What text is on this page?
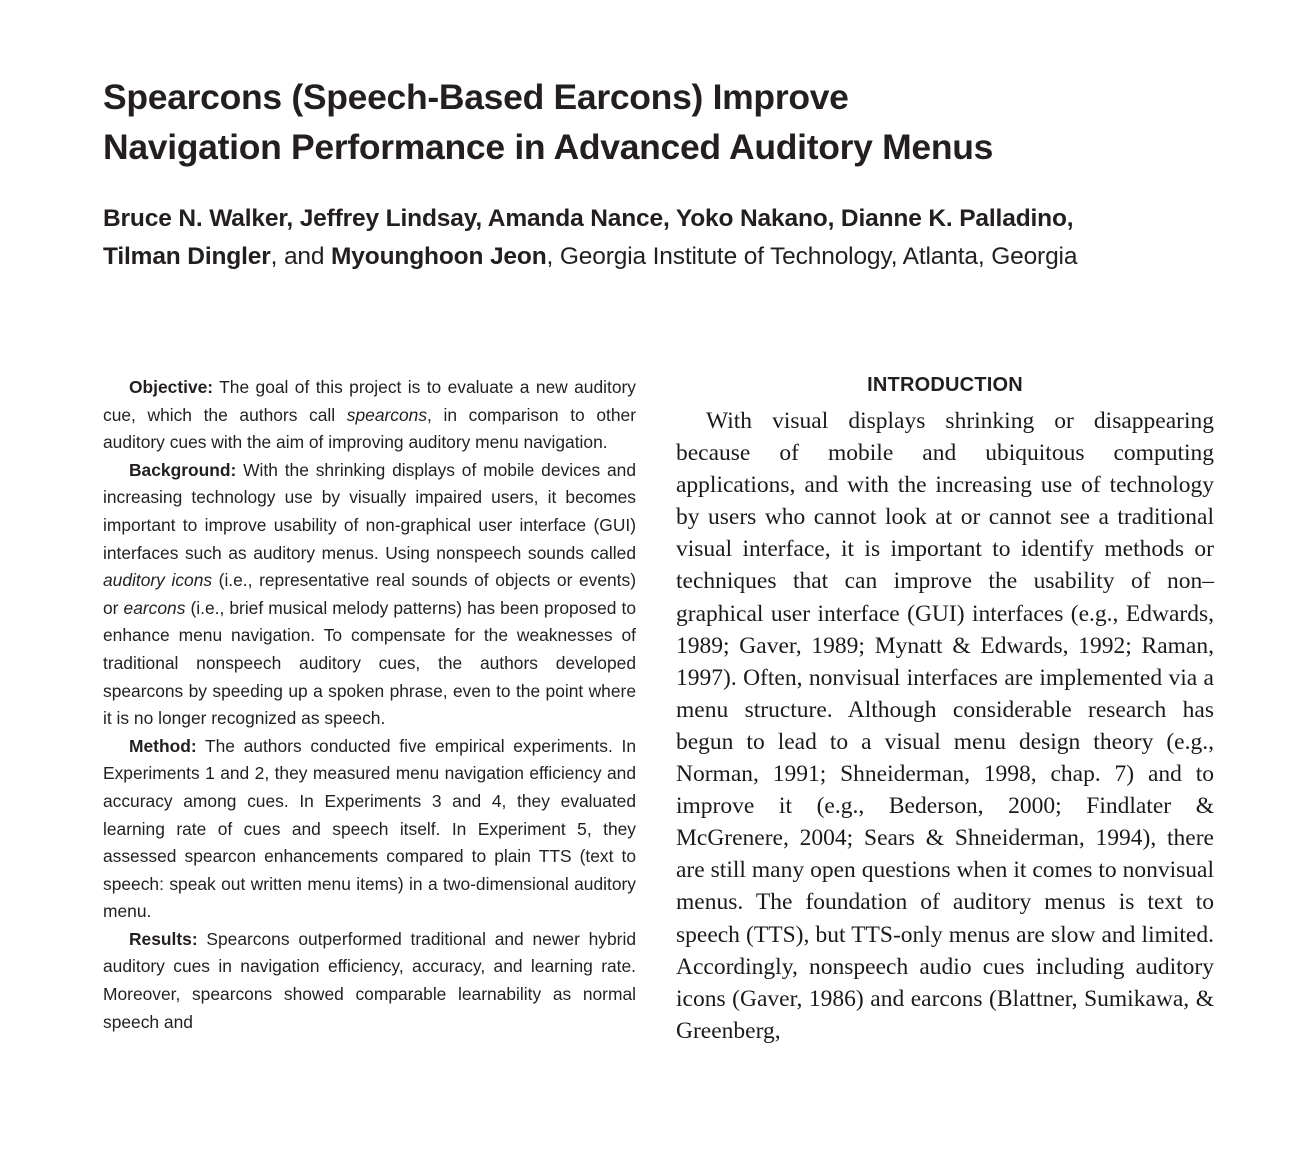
Spearcons (Speech-Based Earcons) Improve
Navigation Performance in Advanced Auditory Menus
Bruce N. Walker, Jeffrey Lindsay, Amanda Nance, Yoko Nakano, Dianne K. Palladino, Tilman Dingler, and Myounghoon Jeon, Georgia Institute of Technology, Atlanta, Georgia

Objective: The goal of this project is to evaluate a new auditory cue, which the authors call spearcons, in comparison to other auditory cues with the aim of improving auditory menu navigation.

Background: With the shrinking displays of mobile devices and increasing technology use by visually impaired users, it becomes important to improve usability of non-graphical user interface (GUI) interfaces such as auditory menus. Using nonspeech sounds called auditory icons (i.e., representative real sounds of objects or events) or earcons (i.e., brief musical melody patterns) has been proposed to enhance menu navigation. To compensate for the weaknesses of traditional nonspeech auditory cues, the authors developed spearcons by speeding up a spoken phrase, even to the point where it is no longer recognized as speech.

Method: The authors conducted five empirical experiments. In Experiments 1 and 2, they measured menu navigation efficiency and accuracy among cues. In Experiments 3 and 4, they evaluated learning rate of cues and speech itself. In Experiment 5, they assessed spearcon enhancements compared to plain TTS (text to speech: speak out written menu items) in a two-dimensional auditory menu.

Results: Spearcons outperformed traditional and newer hybrid auditory cues in navigation efficiency, accuracy, and learning rate. Moreover, spearcons showed comparable learnability as normal speech and

INTRODUCTION

With visual displays shrinking or disappearing because of mobile and ubiquitous computing applications, and with the increasing use of technology by users who cannot look at or cannot see a traditional visual interface, it is important to identify methods or techniques that can improve the usability of non–graphical user interface (GUI) interfaces (e.g., Edwards, 1989; Gaver, 1989; Mynatt & Edwards, 1992; Raman, 1997). Often, nonvisual interfaces are implemented via a menu structure. Although considerable research has begun to lead to a visual menu design theory (e.g., Norman, 1991; Shneiderman, 1998, chap. 7) and to improve it (e.g., Bederson, 2000; Findlater & McGrenere, 2004; Sears & Shneiderman, 1994), there are still many open questions when it comes to nonvisual menus. The foundation of auditory menus is text to speech (TTS), but TTS-only menus are slow and limited. Accordingly, nonspeech audio cues including auditory icons (Gaver, 1986) and earcons (Blattner, Sumikawa, & Greenberg,
